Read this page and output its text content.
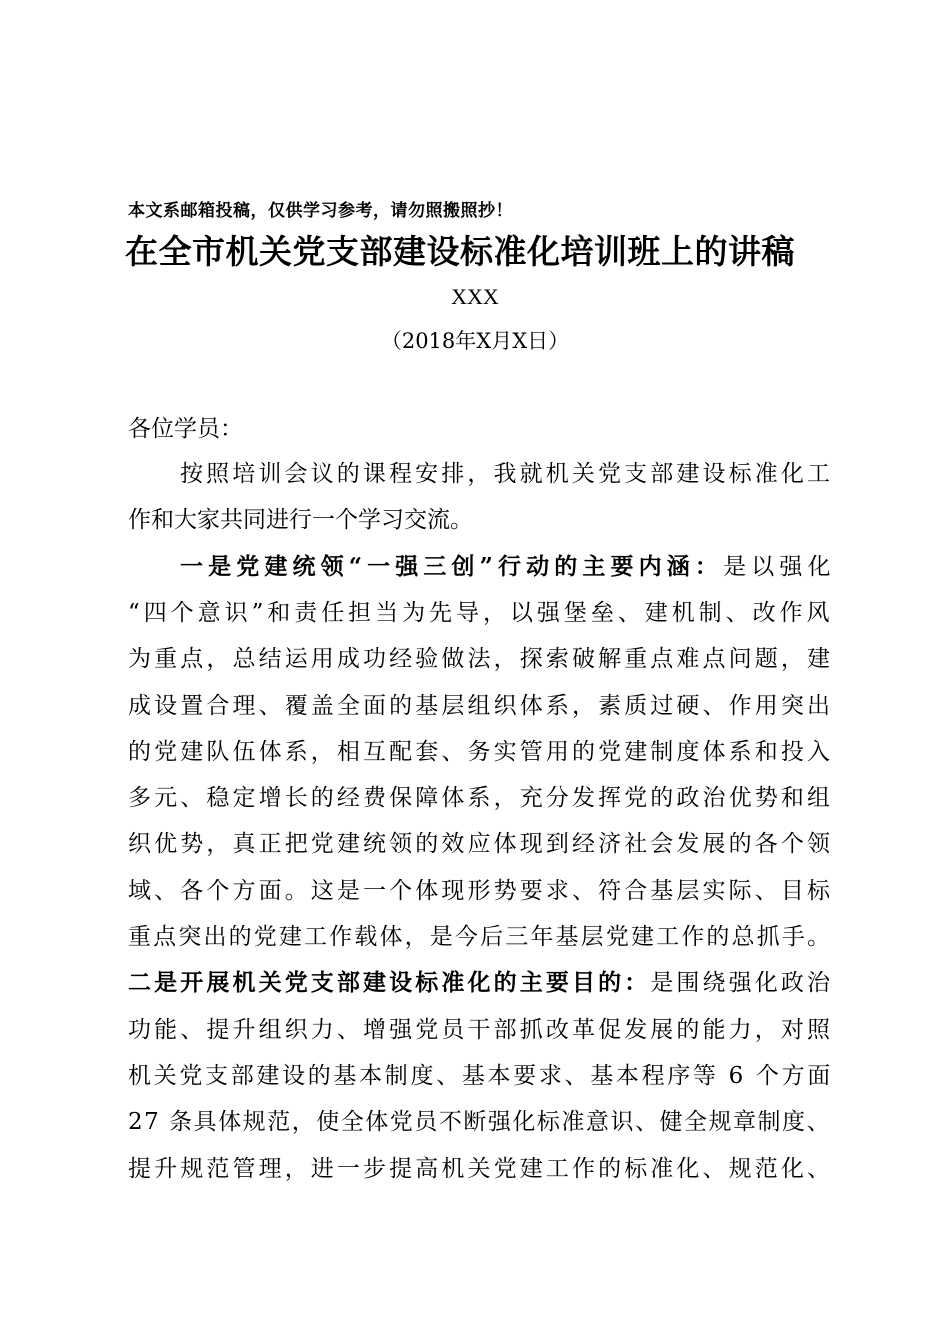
本文系邮箱投稿，仅供学习参考，请勿照搬照抄！
在全市机关党支部建设标准化培训班上的讲稿
XXX
（2018年X月X日）
各位学员：
按照培训会议的课程安排，我就机关党支部建设标准化工
作和大家共同进行一个学习交流。
一是党建统领“一强三创”行动的主要内涵：是以强化
“四个意识”和责任担当为先导，以强堡垒、建机制、改作风
为重点，总结运用成功经验做法，探索破解重点难点问题，建
成设置合理、覆盖全面的基层组织体系，素质过硬、作用突出
的党建队伍体系，相互配套、务实管用的党建制度体系和投入
多元、稳定增长的经费保障体系，充分发挥党的政治优势和组
织优势，真正把党建统领的效应体现到经济社会发展的各个领
域、各个方面。这是一个体现形势要求、符合基层实际、目标
重点突出的党建工作载体，是今后三年基层党建工作的总抓手。
二是开展机关党支部建设标准化的主要目的：是围绕强化政治
功能、提升组织力、增强党员干部抓改革促发展的能力，对照
机关党支部建设的基本制度、基本要求、基本程序等 6 个方面
27 条具体规范，使全体党员不断强化标准意识、健全规章制度、
提升规范管理，进一步提高机关党建工作的标准化、规范化、
